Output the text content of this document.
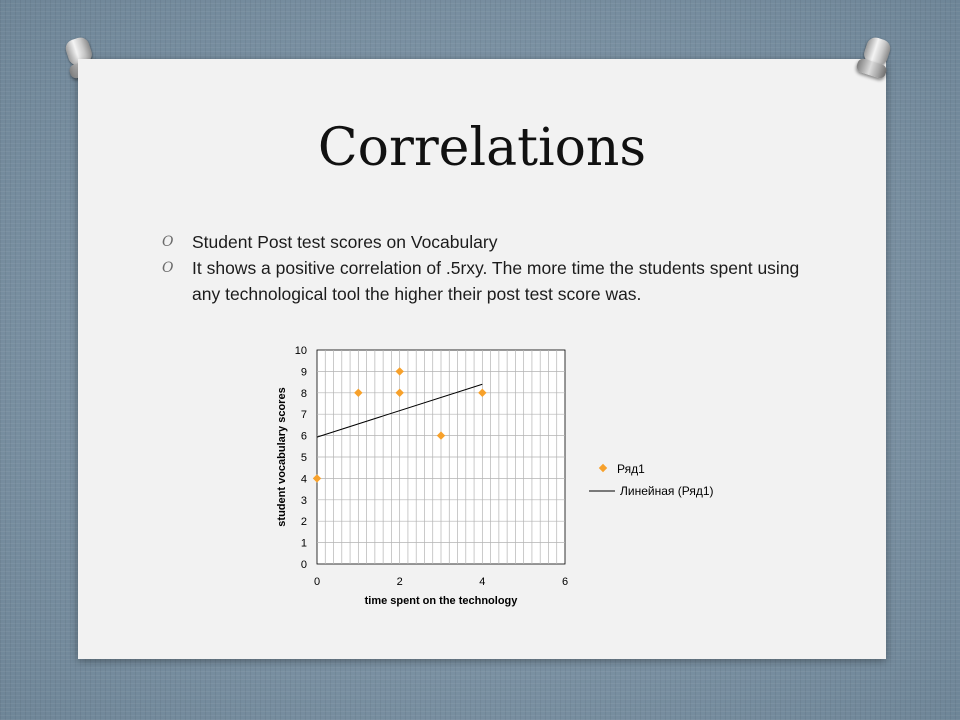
Correlations
O Student Post test scores on Vocabulary
O It shows a positive correlation of .5rxy. The more time the students spent using any technological tool the higher their post test score was.
0
1
2
3
4
5
6
7
8
9
10
0	2	4	6
time spent on the technology
student vocabulary scores	Ряд1
Линейная (Ряд1)
